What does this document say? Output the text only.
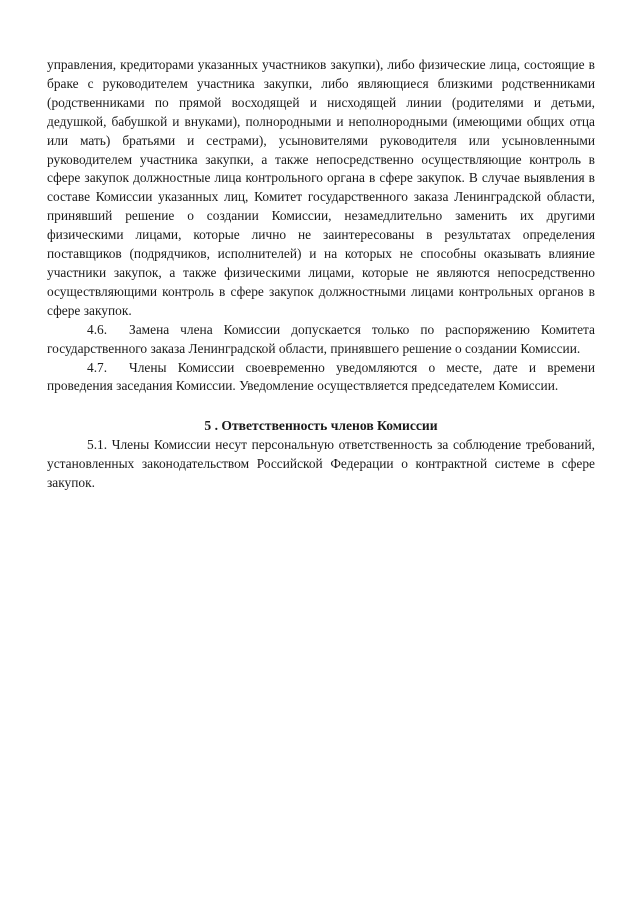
управления, кредиторами указанных участников закупки), либо физические лица, состоящие в браке с руководителем участника закупки, либо являющиеся близкими родственниками (родственниками по прямой восходящей и нисходящей линии (родителями и детьми, дедушкой, бабушкой и внуками), полнородными и неполнородными (имеющими общих отца или мать) братьями и сестрами), усыновителями руководителя или усыновленными руководителем участника закупки, а также непосредственно осуществляющие контроль в сфере закупок должностные лица контрольного органа в сфере закупок. В случае выявления в составе Комиссии указанных лиц, Комитет государственного заказа Ленинградской области, принявший решение о создании Комиссии, незамедлительно заменить их другими физическими лицами, которые лично не заинтересованы в результатах определения поставщиков (подрядчиков, исполнителей) и на которых не способны оказывать влияние участники закупок, а также физическими лицами, которые не являются непосредственно осуществляющими контроль в сфере закупок должностными лицами контрольных органов в сфере закупок.

4.6. Замена члена Комиссии допускается только по распоряжению Комитета государственного заказа Ленинградской области, принявшего решение о создании Комиссии.

4.7. Члены Комиссии своевременно уведомляются о месте, дате и времени проведения заседания Комиссии. Уведомление осуществляется председателем Комиссии.

5 . Ответственность членов Комиссии

5.1. Члены Комиссии несут персональную ответственность за соблюдение требований, установленных законодательством Российской Федерации о контрактной системе в сфере закупок.
